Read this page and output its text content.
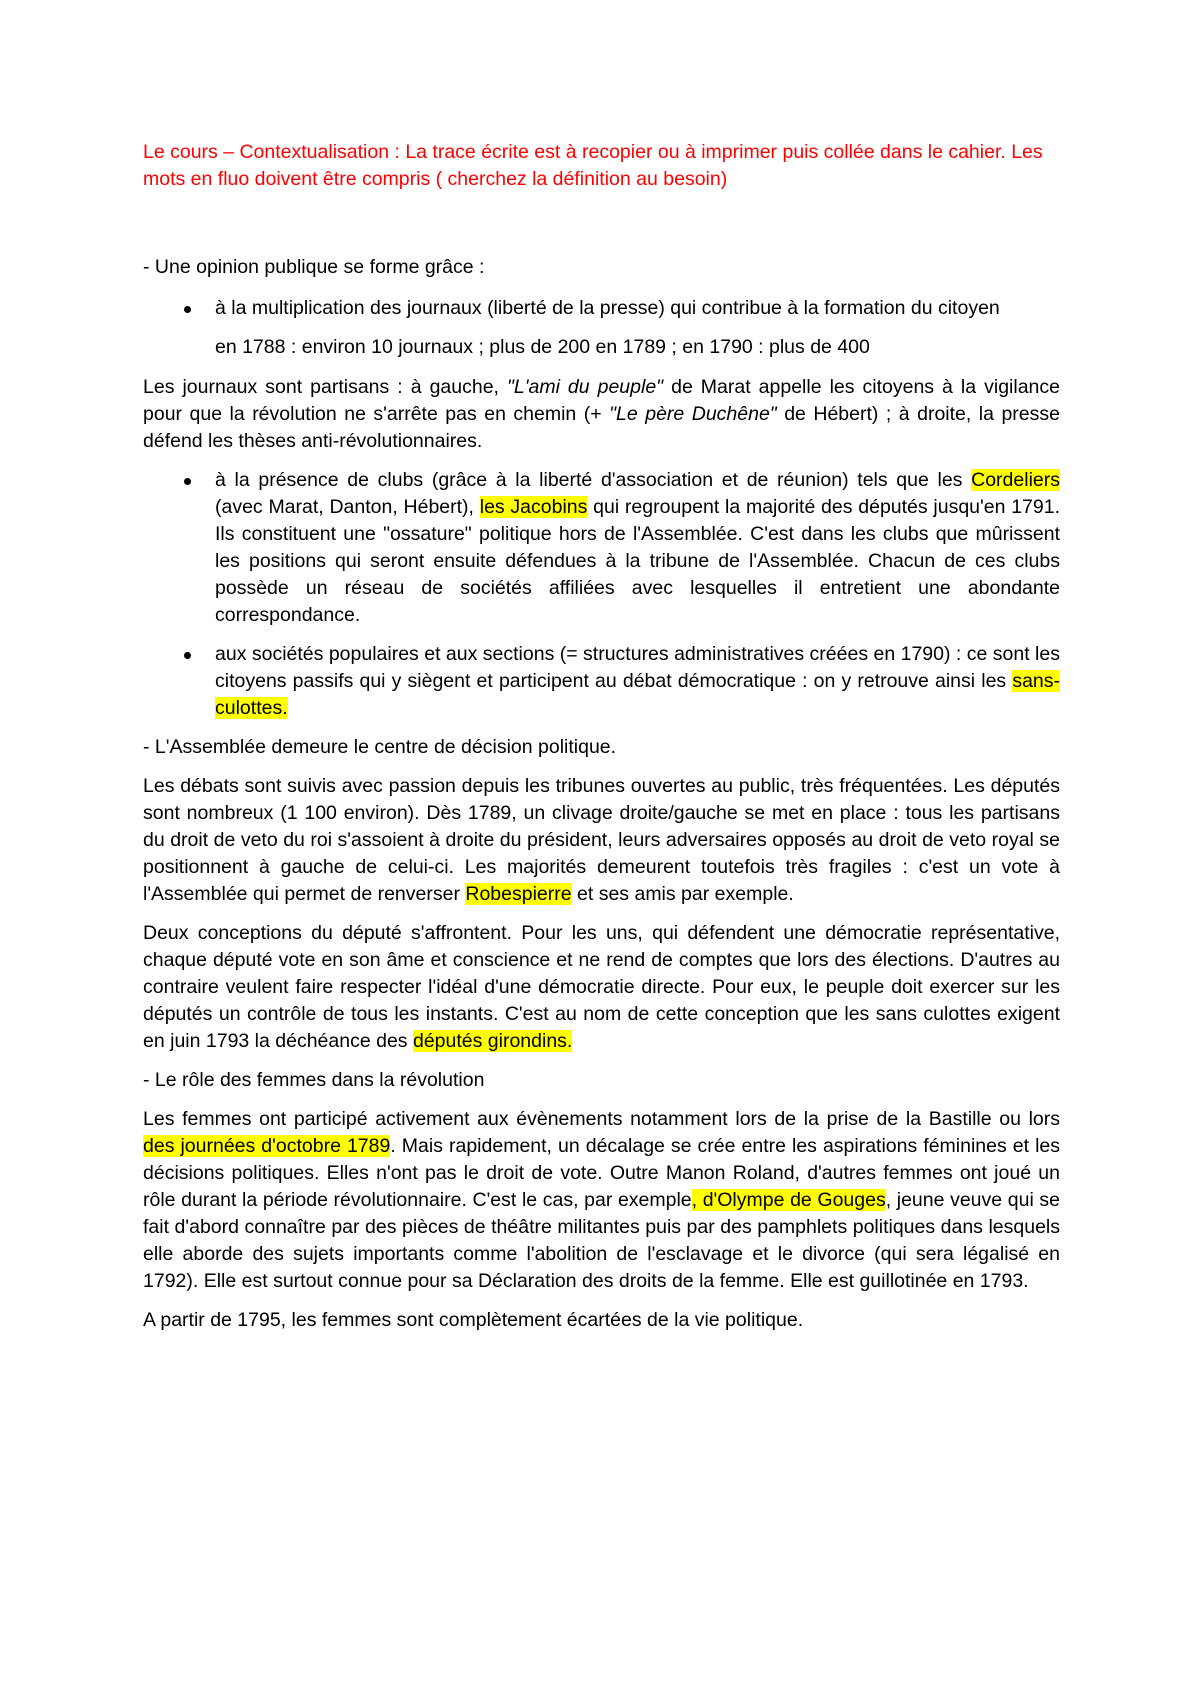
Le cours – Contextualisation : La trace écrite est à recopier ou à imprimer puis collée dans le cahier. Les mots en fluo doivent être compris ( cherchez la définition au besoin)

- Une opinion publique se forme grâce :

à la multiplication des journaux (liberté de la presse) qui contribue à la formation du citoyen

en 1788 : environ 10 journaux ; plus de 200 en 1789 ; en 1790 : plus de 400

Les journaux sont partisans : à gauche, "L'ami du peuple" de Marat appelle les citoyens à la vigilance pour que la révolution ne s'arrête pas en chemin (+ "Le père Duchêne" de Hébert) ; à droite, la presse défend les thèses anti-révolutionnaires.

à la présence de clubs (grâce à la liberté d'association et de réunion) tels que les Cordeliers (avec Marat, Danton, Hébert), les Jacobins qui regroupent la majorité des députés jusqu'en 1791. Ils constituent une "ossature" politique hors de l'Assemblée. C'est dans les clubs que mûrissent les positions qui seront ensuite défendues à la tribune de l'Assemblée. Chacun de ces clubs possède un réseau de sociétés affiliées avec lesquelles il entretient une abondante correspondance.
aux sociétés populaires et aux sections (= structures administratives créées en 1790) : ce sont les citoyens passifs qui y siègent et participent au débat démocratique : on y retrouve ainsi les sans-culottes.

- L'Assemblée demeure le centre de décision politique.

Les débats sont suivis avec passion depuis les tribunes ouvertes au public, très fréquentées. Les députés sont nombreux (1 100 environ). Dès 1789, un clivage droite/gauche se met en place : tous les partisans du droit de veto du roi s'assoient à droite du président, leurs adversaires opposés au droit de veto royal se positionnent à gauche de celui-ci. Les majorités demeurent toutefois très fragiles : c'est un vote à l'Assemblée qui permet de renverser Robespierre et ses amis par exemple.

Deux conceptions du député s'affrontent. Pour les uns, qui défendent une démocratie représentative, chaque député vote en son âme et conscience et ne rend de comptes que lors des élections. D'autres au contraire veulent faire respecter l'idéal d'une démocratie directe. Pour eux, le peuple doit exercer sur les députés un contrôle de tous les instants. C'est au nom de cette conception que les sans culottes exigent en juin 1793 la déchéance des députés girondins.

- Le rôle des femmes dans la révolution

Les femmes ont participé activement aux évènements notamment lors de la prise de la Bastille ou lors des journées d'octobre 1789. Mais rapidement, un décalage se crée entre les aspirations féminines et les décisions politiques. Elles n'ont pas le droit de vote. Outre Manon Roland, d'autres femmes ont joué un rôle durant la période révolutionnaire. C'est le cas, par exemple, d'Olympe de Gouges, jeune veuve qui se fait d'abord connaître par des pièces de théâtre militantes puis par des pamphlets politiques dans lesquels elle aborde des sujets importants comme l'abolition de l'esclavage et le divorce (qui sera légalisé en 1792). Elle est surtout connue pour sa Déclaration des droits de la femme. Elle est guillotinée en 1793.

A partir de 1795, les femmes sont complètement écartées de la vie politique.
